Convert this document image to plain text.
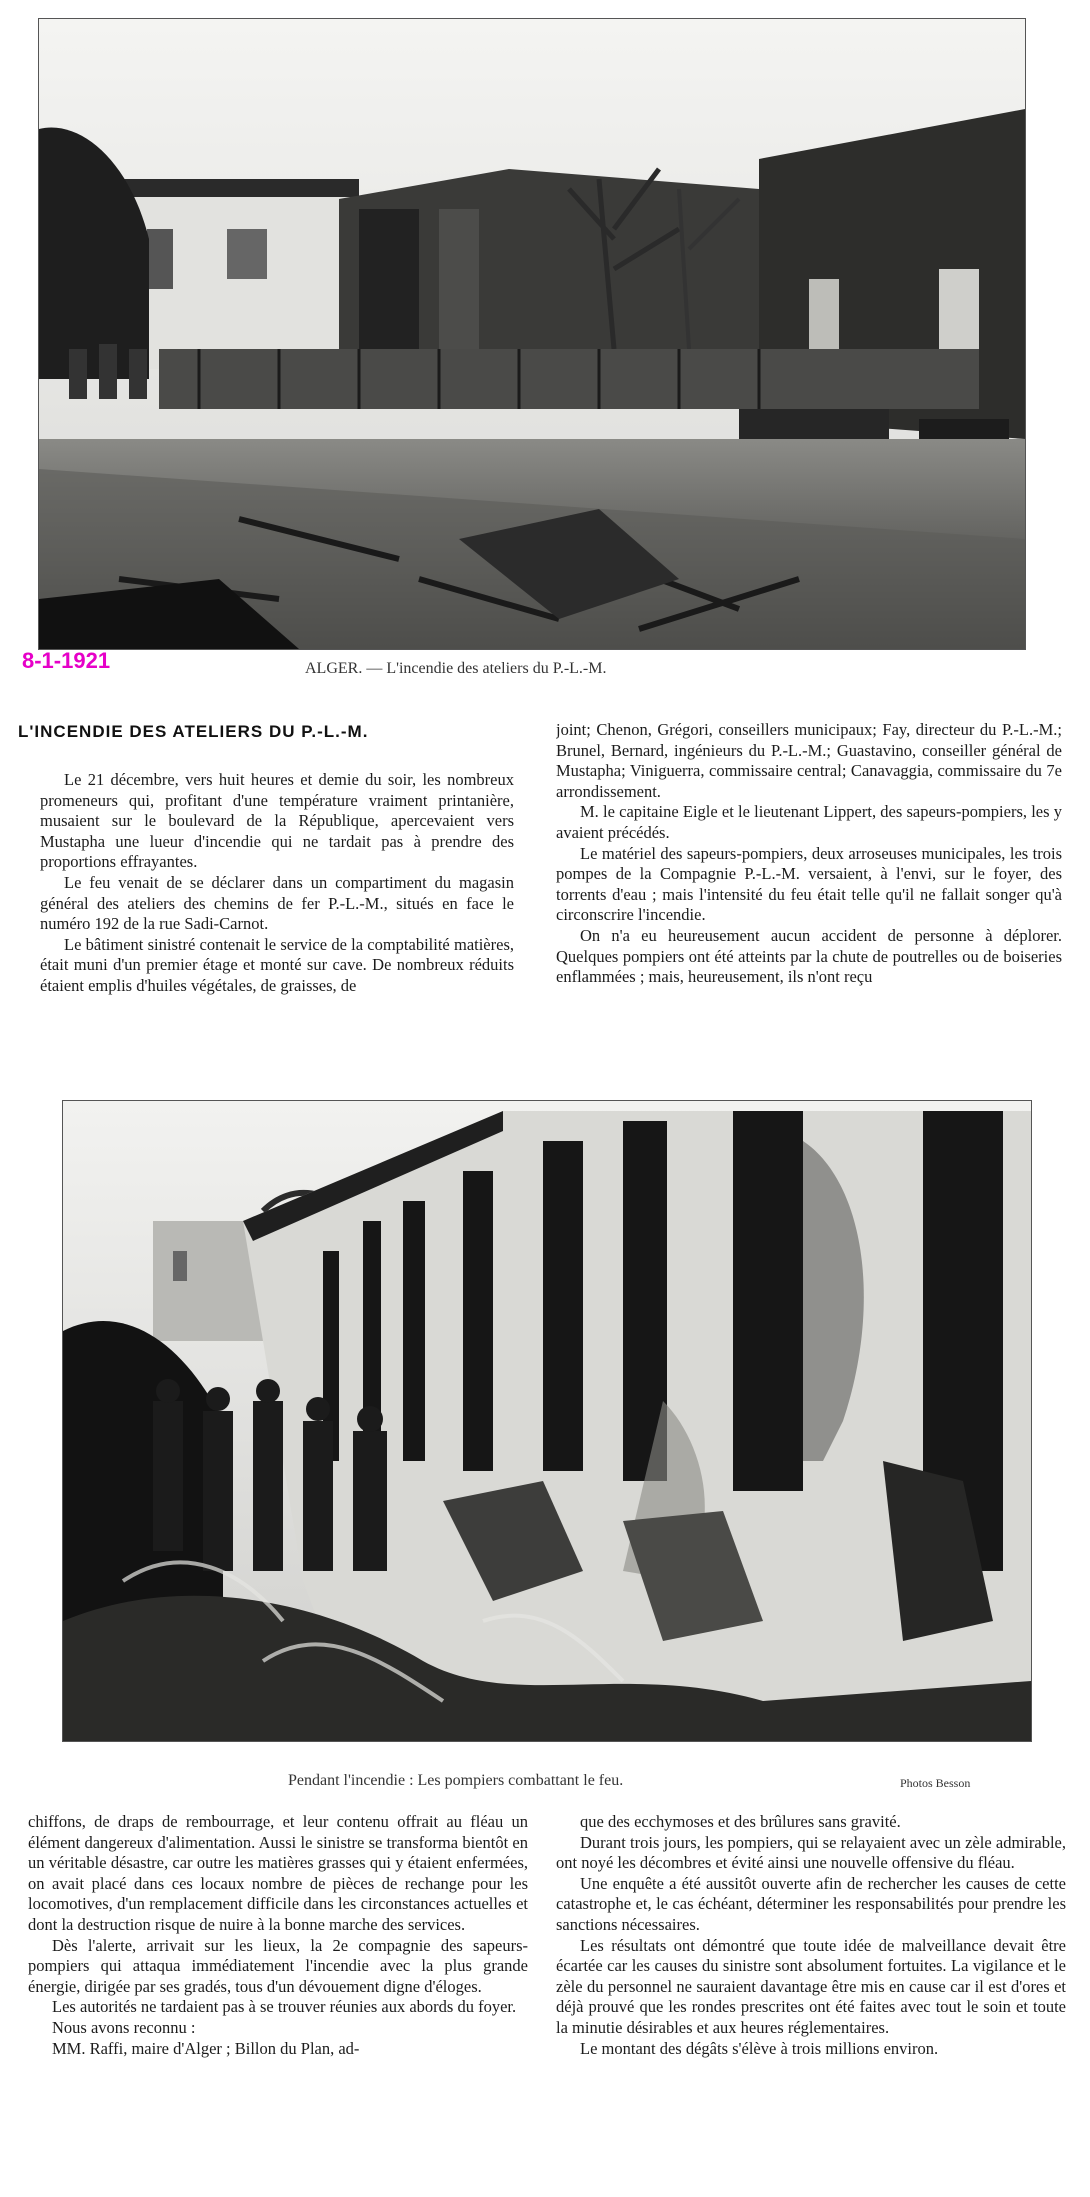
8-1-1921	ALGER. — L'incendie des ateliers du P.-L.-M.
L'INCENDIE DES ATELIERS DU P.-L.-M.

Le 21 décembre, vers huit heures et demie du soir, les nombreux promeneurs qui, profitant d'une température vraiment printanière, musaient sur le boulevard de la République, apercevaient vers Mustapha une lueur d'incendie qui ne tardait pas à prendre des proportions effrayantes.

Le feu venait de se déclarer dans un compartiment du magasin général des ateliers des chemins de fer P.-L.-M., situés en face le numéro 192 de la rue Sadi-Carnot.

Le bâtiment sinistré contenait le service de la comptabilité matières, était muni d'un premier étage et monté sur cave. De nombreux réduits étaient emplis d'huiles végétales, de graisses, de

joint; Chenon, Grégori, conseillers municipaux; Fay, directeur du P.-L.-M.; Brunel, Bernard, ingénieurs du P.-L.-M.; Guastavino, conseiller général de Mustapha; Viniguerra, commissaire central; Canavaggia, commissaire du 7e arrondissement.

M. le capitaine Eigle et le lieutenant Lippert, des sapeurs-pompiers, les y avaient précédés.

Le matériel des sapeurs-pompiers, deux arroseuses municipales, les trois pompes de la Compagnie P.-L.-M. versaient, à l'envi, sur le foyer, des torrents d'eau ; mais l'intensité du feu était telle qu'il ne fallait songer qu'à circonscrire l'incendie.

On n'a eu heureusement aucun accident de personne à déplorer. Quelques pompiers ont été atteints par la chute de poutrelles ou de boiseries enflammées ; mais, heureusement, ils n'ont reçu

Pendant l'incendie : Les pompiers combattant le feu.	Photos Besson

chiffons, de draps de rembourrage, et leur contenu offrait au fléau un élément dangereux d'alimentation. Aussi le sinistre se transforma bientôt en un véritable désastre, car outre les matières grasses qui y étaient enfermées, on avait placé dans ces locaux nombre de pièces de rechange pour les locomotives, d'un remplacement difficile dans les circonstances actuelles et dont la destruction risque de nuire à la bonne marche des services.

Dès l'alerte, arrivait sur les lieux, la 2e compagnie des sapeurs-pompiers qui attaqua immédiatement l'incendie avec la plus grande énergie, dirigée par ses gradés, tous d'un dévouement digne d'éloges.

Les autorités ne tardaient pas à se trouver réunies aux abords du foyer.

Nous avons reconnu :

MM. Raffi, maire d'Alger ; Billon du Plan, ad-

que des ecchymoses et des brûlures sans gravité.

Durant trois jours, les pompiers, qui se relayaient avec un zèle admirable, ont noyé les décombres et évité ainsi une nouvelle offensive du fléau.

Une enquête a été aussitôt ouverte afin de rechercher les causes de cette catastrophe et, le cas échéant, déterminer les responsabilités pour prendre les sanctions nécessaires.

Les résultats ont démontré que toute idée de malveillance devait être écartée car les causes du sinistre sont absolument fortuites. La vigilance et le zèle du personnel ne sauraient davantage être mis en cause car il est d'ores et déjà prouvé que les rondes prescrites ont été faites avec tout le soin et toute la minutie désirables et aux heures réglementaires.

Le montant des dégâts s'élève à trois millions environ.
